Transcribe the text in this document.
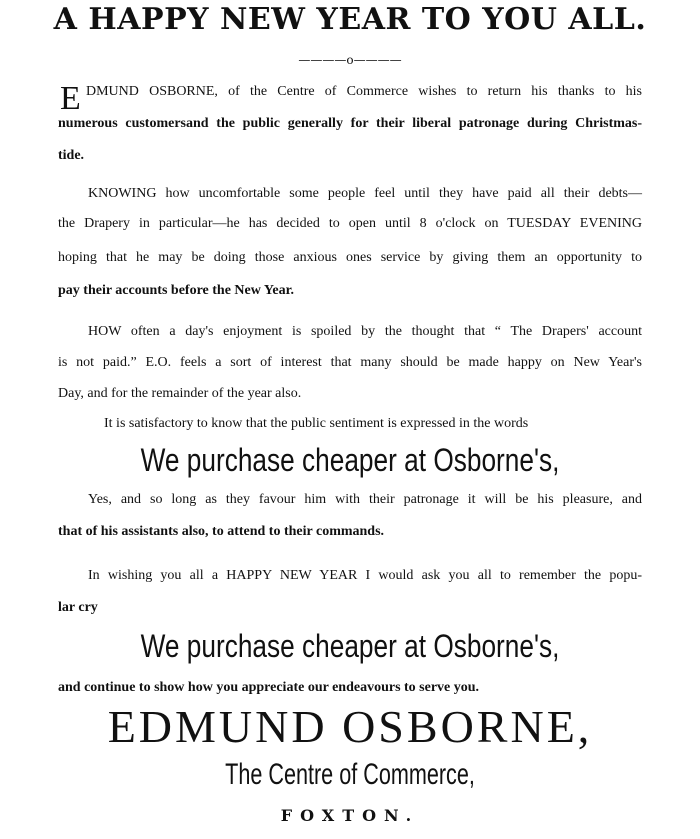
A HAPPY NEW YEAR TO YOU ALL.
————o————
E DMUND OSBORNE, of the Centre of Commerce wishes to return his thanks to his
numerous customersand the public generally for their liberal patronage during Christmas-
tide.
KNOWING how uncomfortable some people feel until they have paid all their debts—
the Drapery in particular—he has decided to open until 8 o'clock on TUESDAY EVENING
hoping that he may be doing those anxious ones service by giving them an opportunity to
pay their accounts before the New Year.
HOW often a day's enjoyment is spoiled by the thought that “ The Drapers' account
is not paid.” E.O. feels a sort of interest that many should be made happy on New Year's
Day, and for the remainder of the year also.
It is satisfactory to know that the public sentiment is expressed in the words
We purchase cheaper at Osborne's,
Yes, and so long as they favour him with their patronage it will be his pleasure, and
that of his assistants also, to attend to their commands.
In wishing you all a HAPPY NEW YEAR I would ask you all to remember the popu-
lar cry
We purchase cheaper at Osborne's,
and continue to show how you appreciate our endeavours to serve you.
EDMUND OSBORNE,
The Centre of Commerce,
FOXTON.
